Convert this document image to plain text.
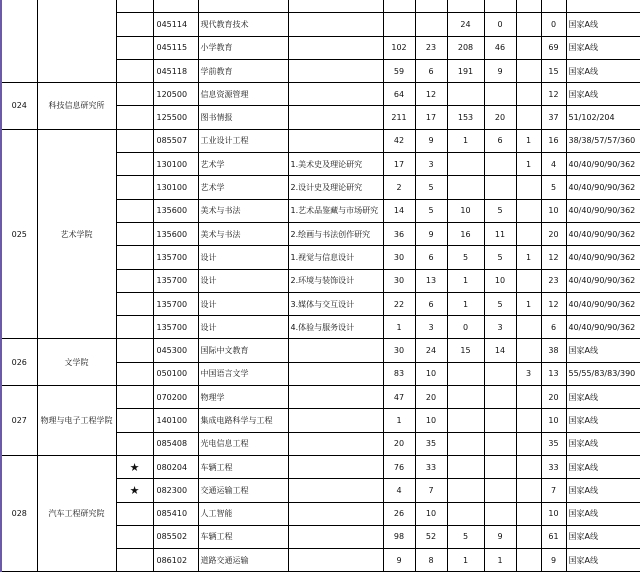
			045114	现代教育技术				24	0		0	国家A线
			045115	小学教育		102	23	208	46		69	国家A线
			045118	学前教育		59	6	191	9		15	国家A线
024	科技信息研究所		120500	信息资源管理		64	12				12	国家A线
			125500	图书情报		211	17	153	20		37	51/102/204
025	艺术学院		085507	工业设计工程		42	9	1	6	1	16	38/38/57/57/360
			130100	艺术学	1.美术史及理论研究	17	3			1	4	40/40/90/90/362
			130100	艺术学	2.设计史及理论研究	2	5				5	40/40/90/90/362
			135600	美术与书法	1.艺术品鉴藏与市场研究	14	5	10	5		10	40/40/90/90/362
			135600	美术与书法	2.绘画与书法创作研究	36	9	16	11		20	40/40/90/90/362
			135700	设计	1.视觉与信息设计	30	6	5	5	1	12	40/40/90/90/362
			135700	设计	2.环境与装饰设计	30	13	1	10		23	40/40/90/90/362
			135700	设计	3.媒体与交互设计	22	6	1	5	1	12	40/40/90/90/362
			135700	设计	4.体验与服务设计	1	3	0	3		6	40/40/90/90/362
026	文学院		045300	国际中文教育		30	24	15	14		38	国家A线
			050100	中国语言文学		83	10			3	13	55/55/83/83/390
027	物理与电子工程学院		070200	物理学		47	20				20	国家A线
			140100	集成电路科学与工程		1	10				10	国家A线
			085408	光电信息工程		20	35				35	国家A线
028	汽车工程研究院	★	080204	车辆工程		76	33				33	国家A线
		★	082300	交通运输工程		4	7				7	国家A线
			085410	人工智能		26	10				10	国家A线
			085502	车辆工程		98	52	5	9		61	国家A线
			086102	道路交通运输		9	8	1	1		9	国家A线
